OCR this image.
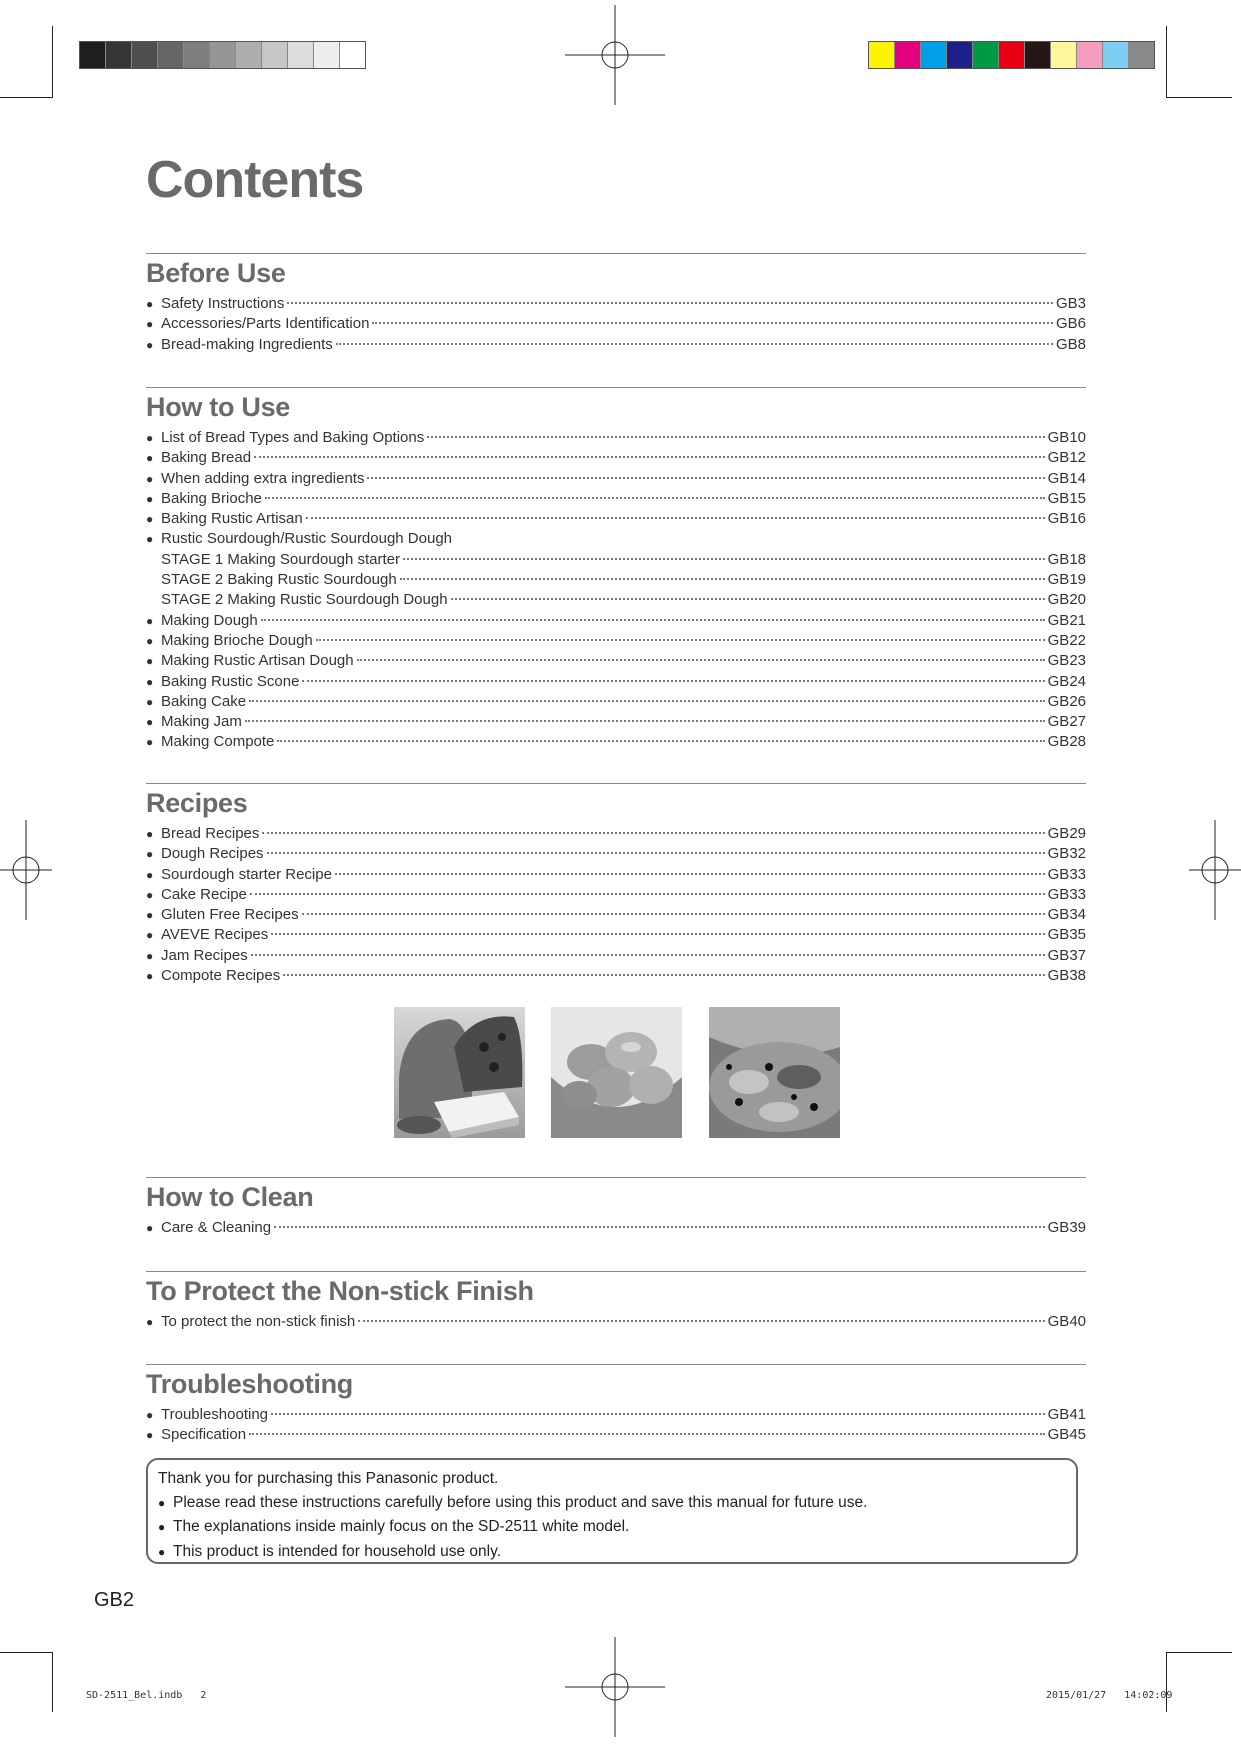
Contents
Before Use
● Safety Instructions	GB3
● Accessories/Parts Identification	GB6
● Bread-making Ingredients	GB8
How to Use
● List of Bread Types and Baking Options	GB10
● Baking Bread	GB12
● When adding extra ingredients	GB14
● Baking Brioche	GB15
● Baking Rustic Artisan	GB16
● Rustic Sourdough/Rustic Sourdough Dough
STAGE 1 Making Sourdough starter	GB18
STAGE 2 Baking Rustic Sourdough	GB19
STAGE 2 Making Rustic Sourdough Dough	GB20
● Making Dough	GB21
● Making Brioche Dough	GB22
● Making Rustic Artisan Dough	GB23
● Baking Rustic Scone	GB24
● Baking Cake	GB26
● Making Jam	GB27
● Making Compote	GB28
Recipes
● Bread Recipes	GB29
● Dough Recipes	GB32
● Sourdough starter Recipe	GB33
● Cake Recipe	GB33
● Gluten Free Recipes	GB34
● AVEVE Recipes	GB35
● Jam Recipes	GB37
● Compote Recipes	GB38
How to Clean
● Care & Cleaning	GB39
To Protect the Non-stick Finish
● To protect the non-stick finish	GB40
Troubleshooting
● Troubleshooting	GB41
● Specification	GB45

Thank you for purchasing this Panasonic product.

● Please read these instructions carefully before using this product and save this manual for future use.
● The explanations inside mainly focus on the SD-2511 white model.
● This product is intended for household use only.
GB2
SD-2511_Bel.indb   2	2015/01/27   14:02:09
